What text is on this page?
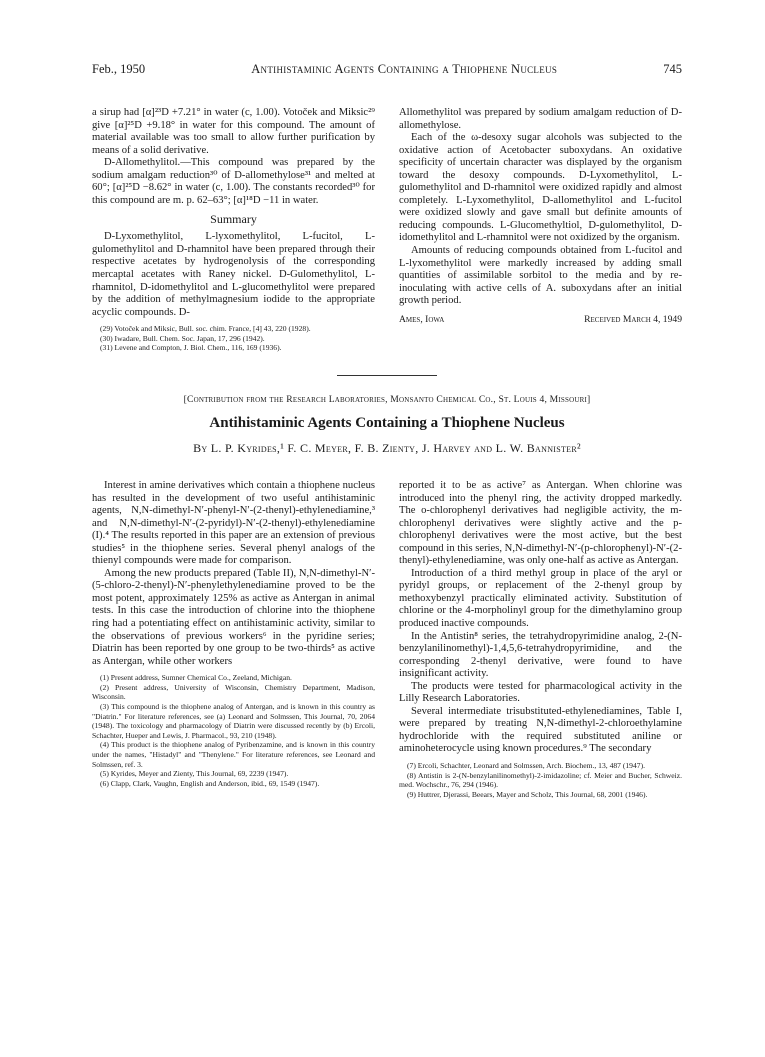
Feb., 1950	Antihistaminic Agents Containing a Thiophene Nucleus	745

a sirup had [α]²³D +7.21° in water (c, 1.00). Votoček and Miksic²⁹ give [α]²⁵D +9.18° in water for this compound. The amount of material available was too small to allow further purification by means of a solid derivative.

D-Allomethylitol.—This compound was prepared by the sodium amalgam reduction³⁰ of D-allomethylose³¹ and melted at 60°; [α]²⁵D −8.62° in water (c, 1.00). The constants recorded³⁰ for this compound are m. p. 62–63°; [α]¹⁸D −11 in water.

Summary

D-Lyxomethylitol, L-lyxomethylitol, L-fucitol, L-gulomethylitol and D-rhamnitol have been prepared through their respective acetates by hydrogenolysis of the corresponding mercaptal acetates with Raney nickel. D-Gulomethylitol, L-rhamnitol, D-idomethylitol and L-glucomethylitol were prepared by the addition of methylmagnesium iodide to the appropriate acyclic compounds. D-

(29) Votoček and Miksic, Bull. soc. chim. France, [4] 43, 220 (1928).

(30) Iwadare, Bull. Chem. Soc. Japan, 17, 296 (1942).

(31) Levene and Compton, J. Biol. Chem., 116, 169 (1936).

Allomethylitol was prepared by sodium amalgam reduction of D-allomethylose.

Each of the ω-desoxy sugar alcohols was subjected to the oxidative action of Acetobacter suboxydans. An oxidative specificity of uncertain character was displayed by the organism toward the desoxy compounds. D-Lyxomethylitol, L-gulomethylitol and D-rhamnitol were oxidized rapidly and almost completely. L-Lyxomethylitol, D-allomethylitol and L-fucitol were oxidized slowly and gave small but definite amounts of reducing compounds. L-Glucomethyltiol, D-gulomethylitol, D-idomethylitol and L-rhamnitol were not oxidized by the organism.

Amounts of reducing compounds obtained from L-fucitol and L-lyxomethylitol were markedly increased by adding small quantities of assimilable sorbitol to the media and by re-inoculating with active cells of A. suboxydans after an initial growth period.

Ames, Iowa	Received March 4, 1949
[Contribution from the Research Laboratories, Monsanto Chemical Co., St. Louis 4, Missouri]
Antihistaminic Agents Containing a Thiophene Nucleus
By L. P. Kyrides,¹ F. C. Meyer, F. B. Zienty, J. Harvey and L. W. Bannister²

Interest in amine derivatives which contain a thiophene nucleus has resulted in the development of two useful antihistaminic agents, N,N-dimethyl-N′-phenyl-N′-(2-thenyl)-ethylenediamine,³ and N,N-dimethyl-N′-(2-pyridyl)-N′-(2-thenyl)-ethylenediamine (I).⁴ The results reported in this paper are an extension of previous studies⁵ in the thiophene series. Several phenyl analogs of the thienyl compounds were made for comparison.

Among the new products prepared (Table II), N,N-dimethyl-N′-(5-chloro-2-thenyl)-N′-phenylethylenediamine proved to be the most potent, approximately 125% as active as Antergan in animal tests. In this case the introduction of chlorine into the thiophene ring had a potentiating effect on antihistaminic activity, similar to the observations of previous workers⁶ in the pyridine series; Diatrin has been reported by one group to be two-thirds⁵ as active as Antergan, while other workers

(1) Present address, Sumner Chemical Co., Zeeland, Michigan.

(2) Present address, University of Wisconsin, Chemistry Department, Madison, Wisconsin.

(3) This compound is the thiophene analog of Antergan, and is known in this country as "Diatrin." For literature references, see (a) Leonard and Solmssen, This Journal, 70, 2064 (1948). The toxicology and pharmacology of Diatrin were discussed recently by (b) Ercoli, Schachter, Hueper and Lewis, J. Pharmacol., 93, 210 (1948).

(4) This product is the thiophene analog of Pyribenzamine, and is known in this country under the names, "Histadyl" and "Thenylene." For literature references, see Leonard and Solmssen, ref. 3.

(5) Kyrides, Meyer and Zienty, This Journal, 69, 2239 (1947).

(6) Clapp, Clark, Vaughn, English and Anderson, ibid., 69, 1549 (1947).

reported it to be as active⁷ as Antergan. When chlorine was introduced into the phenyl ring, the activity dropped markedly. The o-chlorophenyl derivatives had negligible activity, the m-chlorophenyl derivatives were slightly active and the p-chlorophenyl derivatives were the most active, but the best compound in this series, N,N-dimethyl-N′-(p-chlorophenyl)-N′-(2-thenyl)-ethylenediamine, was only one-half as active as Antergan.

Introduction of a third methyl group in place of the aryl or pyridyl groups, or replacement of the 2-thenyl group by methoxybenzyl practically eliminated activity. Substitution of chlorine or the 4-morpholinyl group for the dimethylamino group produced inactive compounds.

In the Antistin⁸ series, the tetrahydropyrimidine analog, 2-(N-benzylanilinomethyl)-1,4,5,6-tetrahydropyrimidine, and the corresponding 2-thenyl derivative, were found to have insignificant activity.

The products were tested for pharmacological activity in the Lilly Research Laboratories.

Several intermediate trisubstituted-ethylenediamines, Table I, were prepared by treating N,N-dimethyl-2-chloroethylamine hydrochloride with the required substituted aniline or aminoheterocycle using known procedures.⁹ The secondary

(7) Ercoli, Schachter, Leonard and Solmssen, Arch. Biochem., 13, 487 (1947).

(8) Antistin is 2-(N-benzylanilinomethyl)-2-imidazoline; cf. Meier and Bucher, Schweiz. med. Wochschr., 76, 294 (1946).

(9) Huttrer, Djerassi, Beears, Mayer and Scholz, This Journal, 68, 2001 (1946).
